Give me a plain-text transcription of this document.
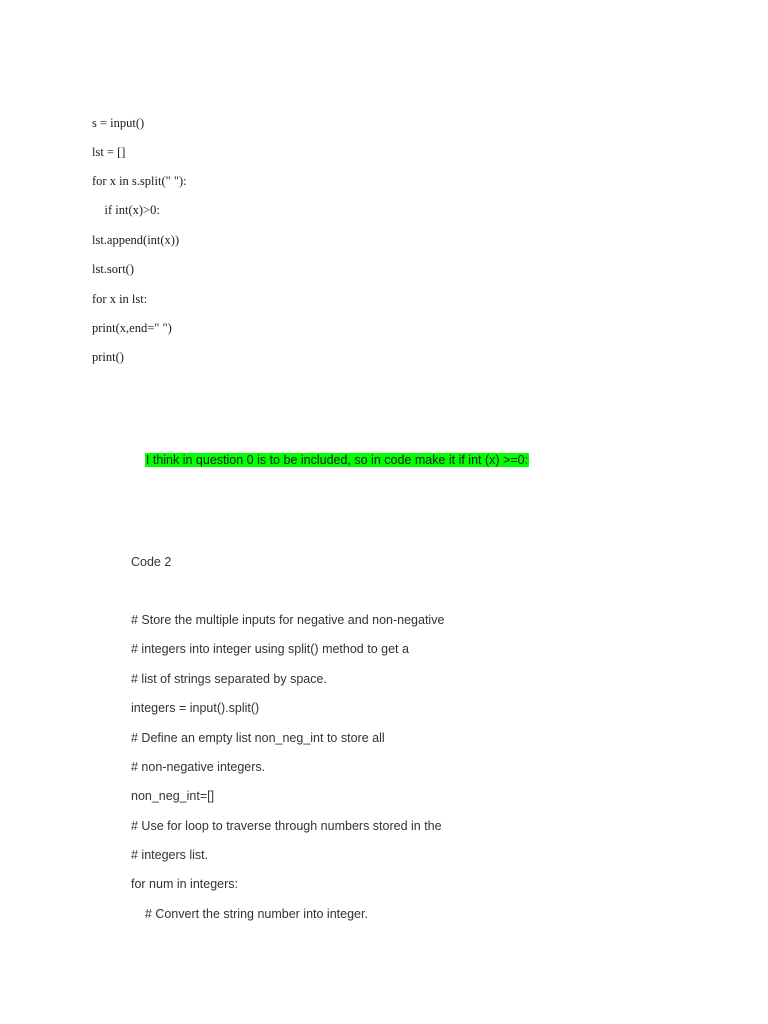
s = input()
lst = []
for x in s.split(" "):
if int(x)>0:
lst.append(int(x))
lst.sort()
for x in lst:
print(x,end=" ")
print()

I think in question 0 is to be included, so in code make it if int (x) >=0:

Code 2
# Store the multiple inputs for negative and non-negative
# integers into integer using split() method to get a
# list of strings separated by space.
integers = input().split()
# Define an empty list non_neg_int to store all
# non-negative integers.
non_neg_int=[]
# Use for loop to traverse through numbers stored in the
# integers list.
for num in integers:
# Convert the string number into integer.
